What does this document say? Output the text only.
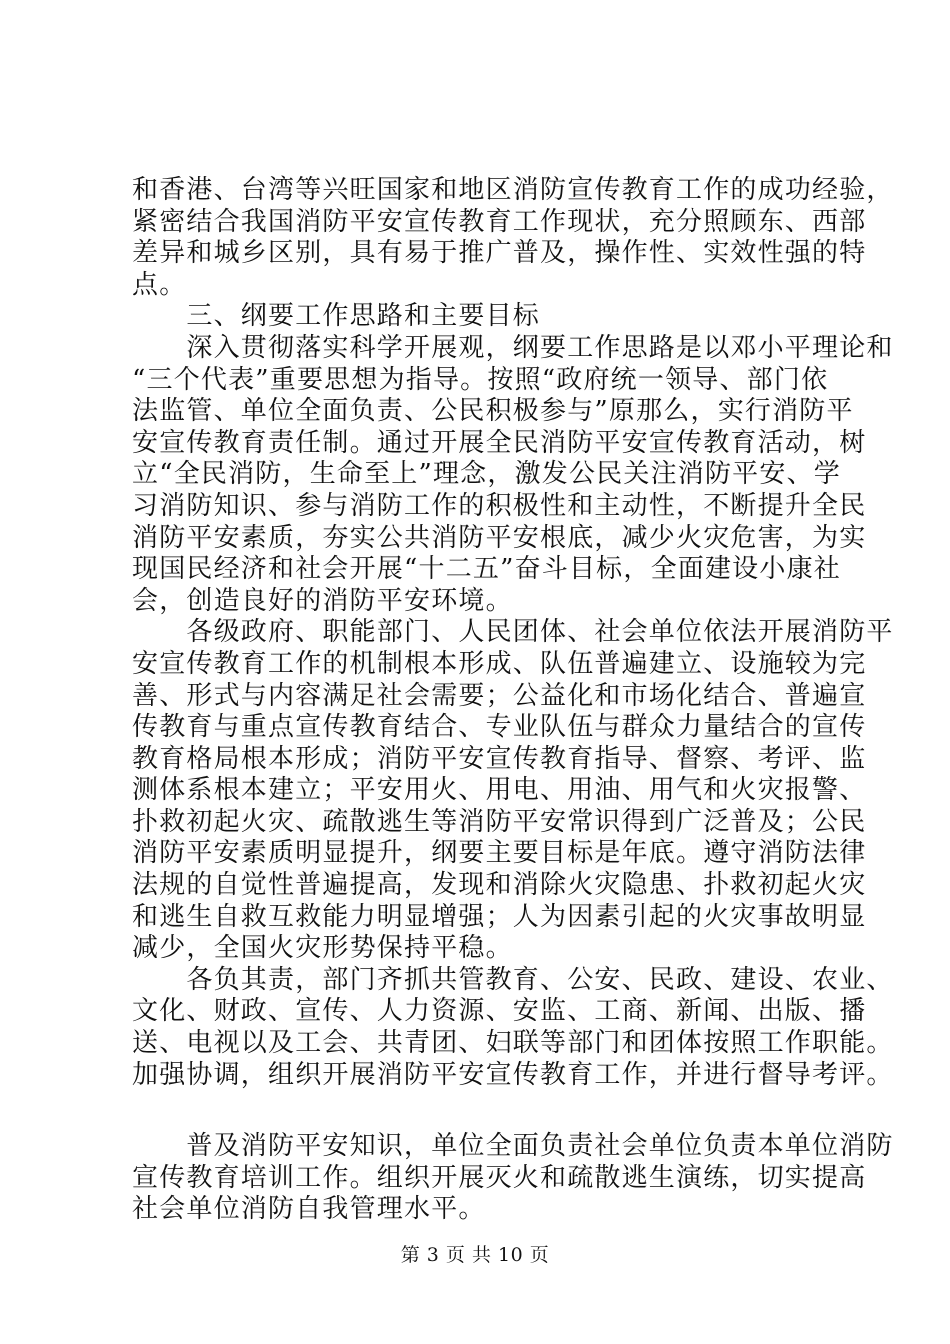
和香港、台湾等兴旺国家和地区消防宣传教育工作的成功经验，
紧密结合我国消防平安宣传教育工作现状，充分照顾东、西部
差异和城乡区别，具有易于推广普及，操作性、实效性强的特
点。
　　三、纲要工作思路和主要目标
　　深入贯彻落实科学开展观，纲要工作思路是以邓小平理论和
“三个代表”重要思想为指导。按照“政府统一领导、部门依
法监管、单位全面负责、公民积极参与”原那么，实行消防平
安宣传教育责任制。通过开展全民消防平安宣传教育活动，树
立“全民消防，生命至上”理念，激发公民关注消防平安、学
习消防知识、参与消防工作的积极性和主动性，不断提升全民
消防平安素质，夯实公共消防平安根底，减少火灾危害，为实
现国民经济和社会开展“十二五”奋斗目标，全面建设小康社
会，创造良好的消防平安环境。
　　各级政府、职能部门、人民团体、社会单位依法开展消防平
安宣传教育工作的机制根本形成、队伍普遍建立、设施较为完
善、形式与内容满足社会需要；公益化和市场化结合、普遍宣
传教育与重点宣传教育结合、专业队伍与群众力量结合的宣传
教育格局根本形成；消防平安宣传教育指导、督察、考评、监
测体系根本建立；平安用火、用电、用油、用气和火灾报警、
扑救初起火灾、疏散逃生等消防平安常识得到广泛普及；公民
消防平安素质明显提升，纲要主要目标是年底。遵守消防法律
法规的自觉性普遍提高，发现和消除火灾隐患、扑救初起火灾
和逃生自救互救能力明显增强；人为因素引起的火灾事故明显
减少，全国火灾形势保持平稳。
　　各负其责，部门齐抓共管教育、公安、民政、建设、农业、
文化、财政、宣传、人力资源、安监、工商、新闻、出版、播
送、电视以及工会、共青团、妇联等部门和团体按照工作职能。
加强协调，组织开展消防平安宣传教育工作，并进行督导考评。
　　普及消防平安知识，单位全面负责社会单位负责本单位消防
宣传教育培训工作。组织开展灭火和疏散逃生演练，切实提高
社会单位消防自我管理水平。
第 3 页 共 10 页
